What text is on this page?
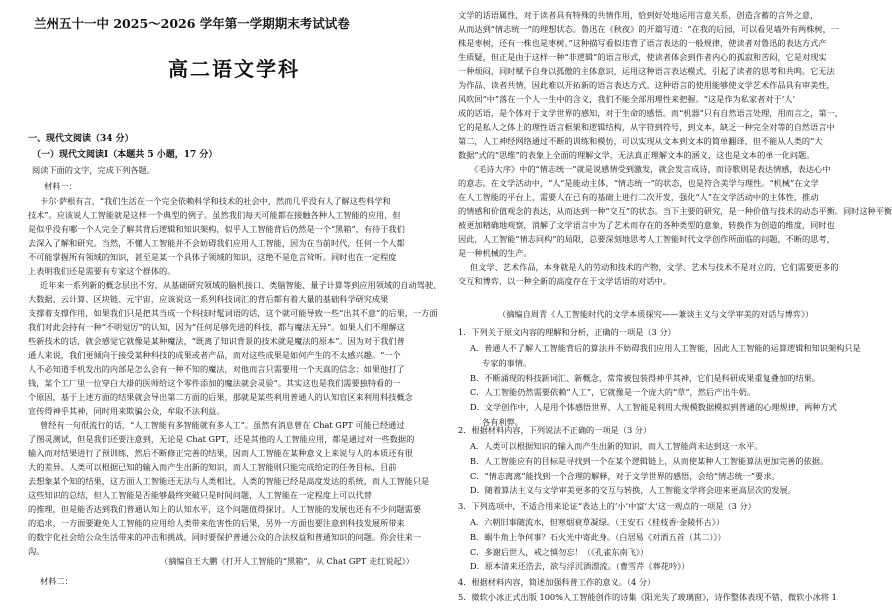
兰州五十一中 2025～2026 学年第一学期期末考试试卷
高二语文学科
一、现代文阅读（34 分）
（一）现代文阅读Ⅰ（本题共 5 小题，17 分）
阅读下面的文字，完成下列各题。
材料一：
卡尔·萨根有言，“我们生活在一个完全依赖科学和技术的社会中，然而几乎没有人了解这些科学和
技术”。应该说人工智能就是这样一个典型的例子。虽然我们每天可能都在接触各种人工智能的应用，但
是似乎没有哪一个人完全了解其背后逻辑和知识架构，似乎人工智能背后仍然是一个“黑箱”，有待于我们
去深入了解和研究。当然，不懂人工智能并不会妨碍我们应用人工智能，因为在当前时代，任何一个人都
不可能掌握所有领域的知识，甚至是某一个具体子领域的知识，这绝不是危言耸听。同时也在一定程度
上表明我们还是需要有专家这个群体的。
近年来一系列新的概念层出不穷，从基础研究领域的脑机接口、类脑智能、量子计算等到应用领域的自动驾驶、
大数据、云计算、区块链、元宇宙，应该说这一系列科技词汇的背后都有着大量的基础科学研究成果
支撑着支撑作用，如果我们只是把其当成一个科技时髦词语的话，这个就可能导致一些“出其不意”的后果，一方面
我们对此会持有一种“不明觉厉”的认知，因为“任何足够先进的科技，都与魔法无异”。如果人们不理解这
些新技术的话，就会感觉它就像是某种魔法，“既离了知识背景的技术就是魔法的原本”。因为对于我们普
通人来说，我们更倾向于接受某种科技的成果或者产品，而对这些成果是如何产生的不太感兴趣。“一个
人不必知道手机发出的内部是怎么会有一种不知的魔法，对他而言只需要用一个天真的信念：如果他打了
钱，某个工厂里一位穿白大褂的医师给这个零件添加的魔法就会灵验”。其实这也是我们需要独特看的一
个原因，基于上述方面的结果就会导出第二方面的后果，那就是某些利用普通人的认知盲区来利用科技概念
宣传得神乎其神，同时用来欺骗公众，牟取不法利益。
曾经有一句很流行的话，“人工智能有多智能就有多人工”。虽然有消息曾在 Chat GPT 可能已经通过
了图灵测试，但是我们还要注意到，无论是 Chat GPT，还是其他的人工智能应用，都是通过对一些数据的
输入而对结果进行了预训练，然后不断修正完善的结果，因而人工智能在某种意义上来说与人的本质还有很
大的差异。人类可以根据已知的输入而产生出新的知识，而人工智能则只能完成给定的任务目标，目前
去想象某个知的结果，这方面人工智能还无法与人类相比，人类的智能已经是高度发达的系统，而人工智能只是
这些知识的总结，但人工智能是否能够最终突破只是时间问题，人工智能在一定程度上可以代替
的推理，但是能否达到我们普通认知上的认知水平，这个问题值得探讨。人工智能的发展也还有不少问题需要
的追求，一方面要避免人工智能的应用给人类带来危害性的后果，另外一方面也要注意到科技发展所带来
的数字化社会给公众生活带来的冲击和挑战，同时要保护普通公众的合法权益和普通知识的问题。你会往来一
沟。
（摘编自王大鹏《打开人工智能的“黑箱”，从 Chat GPT 走红说起》）
材料二：
文学的话语属性，对于读者具有特殊的共情作用，恰到好处地运用言意关系，创造含蓄的言外之意，
从而达到“情志统一”的理想状态。鲁迅在《秋夜》的开篇写道：“在我的后园，可以看见墙外有两株树，一
株是枣树，还有一株也是枣树。”这种描写看似违背了语言表达的一般规律，使读者对鲁迅的表达方式产
生质疑，但正是由于这样一种“非逻辑”的语言形式，使读者体会到作者内心的孤寂和苦闷，它是对现实
一种烦闷，同时赋予自身以孤傲的主体意识，运用这种语言表达模式，引起了读者的思考和共鸣。它无法
为作品、读者共情，因此难以开拓新的语言表达方式。这种语言的使用能够使文学艺术作品具有审美性，
风吹回“中”落在一个人一生中的含义，我们不能全部用理性来把握。“这是作为私家者对于‘人’
成的话语，是个体对于文学世界的感知，对于生命的感悟。而“机器”只有自然语言处理，用而言之，第一，
它的是私人之体上的理性语言框架和逻辑结构，从字符到符号，到文本，缺乏一种完全对等的自然语言中
第二，人工神经网络通过不断的训练和模仿，可以实现从文本到文本的简单翻译，但不能从人类的“大
数据”式的“思维”的表象上全面的理解文学，无法真正理解文本的涵义，这也是文本的单一化问题。
《毛诗大序》中的“情志统一”就是说感情受到激发，就会发言成诗，而诗歌则是表达情感，表达心中
的意志。在文学活动中，“人”是能动主体，“情志统一”的状态，也是符合美学与理性。“机械”在文学
在人工智能的平台上，需要人在已有的基础上进行二次开发，强化“人”在文学活动中的主体性，推动
的情感和价值观念的表达，从而达到一种“交互”的状态。当下主要的研究，是一种价值与技术的动态平衡。同时这种平衡
被更加精确地观察，消解了文学语言中为了艺术而存在的各种类型的意象，转换作为创造的维度，同时也
因此，人工智能“情志同构”的局限，总要深刻地思考人工智能时代文学创作所面临的问题，不断的思考，
是一种机械的生产。
但文学、艺术作品，本身就是人的劳动和技术的产物，文学、艺术与技术不是对立的，它们需要更多的
交互和博弈，以一种全新的高度存在于文学话语的对话中。
（摘编自周青《人工智能时代的文学本质探究——兼谈主义与文学审美的对话与博弈》）
1．下列关于原文内容的理解和分析，正确的一项是（3 分）
A．普通人不了解人工智能背后的算法并不妨碍我们应用人工智能，因此人工智能的运算逻辑和知识架构只是
专家的事情。
B．不断涌现的科技新词汇、新概念，常常被包装得神乎其神，它们是科研成果重复叠加的结果。
C．人工智能仍然需要依赖“人工”，它就像是一个庞大的“草”，然后产出牛奶。
D．文学创作中，人是用个体感悟世界，人工智能是利用大规模数据模拟到普通的心理规律，两种方式
各有利弊。
2．根据材料内容，下列说法不正确的一项是（3 分）
A．人类可以根据知识的输入而产生出新的知识，而人工智能尚未达到这一水平。
B．人工智能应有的目标是寻找到一个在某个逻辑链上，从而使某种人工智能算法更加完善的依据。
C．“情志离离”能找到一个合理的解释，对于文学世界的感悟，会给“情志统一”要求。
D．随着算法主义与文学审美更多的交互与转换，人工智能文学将会迎来更高层次的发展。
3．下列选项中，不适合用来论证“表达上的‘小’中富‘大’这一观点的一项是（3 分）
A．六朝旧事随流水，但寒烟衰草凝绿。（王安石《桂枝香·金陵怀古》）
B．蜗牛角上争何事？石火光中寄此身。（白居易《对酒五首（其二）》）
C．多谢后世人，戒之慎勿忘！（《孔雀东南飞》）
D．原本清来还浩去，欲与浮沉酒漂流。（曹雪芹《葬花吟》）
4．根据材料内容，简述加强科普工作的意义。（4 分）
5．微软小冰正式出版 100%人工智能创作的诗集《阳光失了玻璃窗》，诗作整体表现不错，微软小冰将 1
